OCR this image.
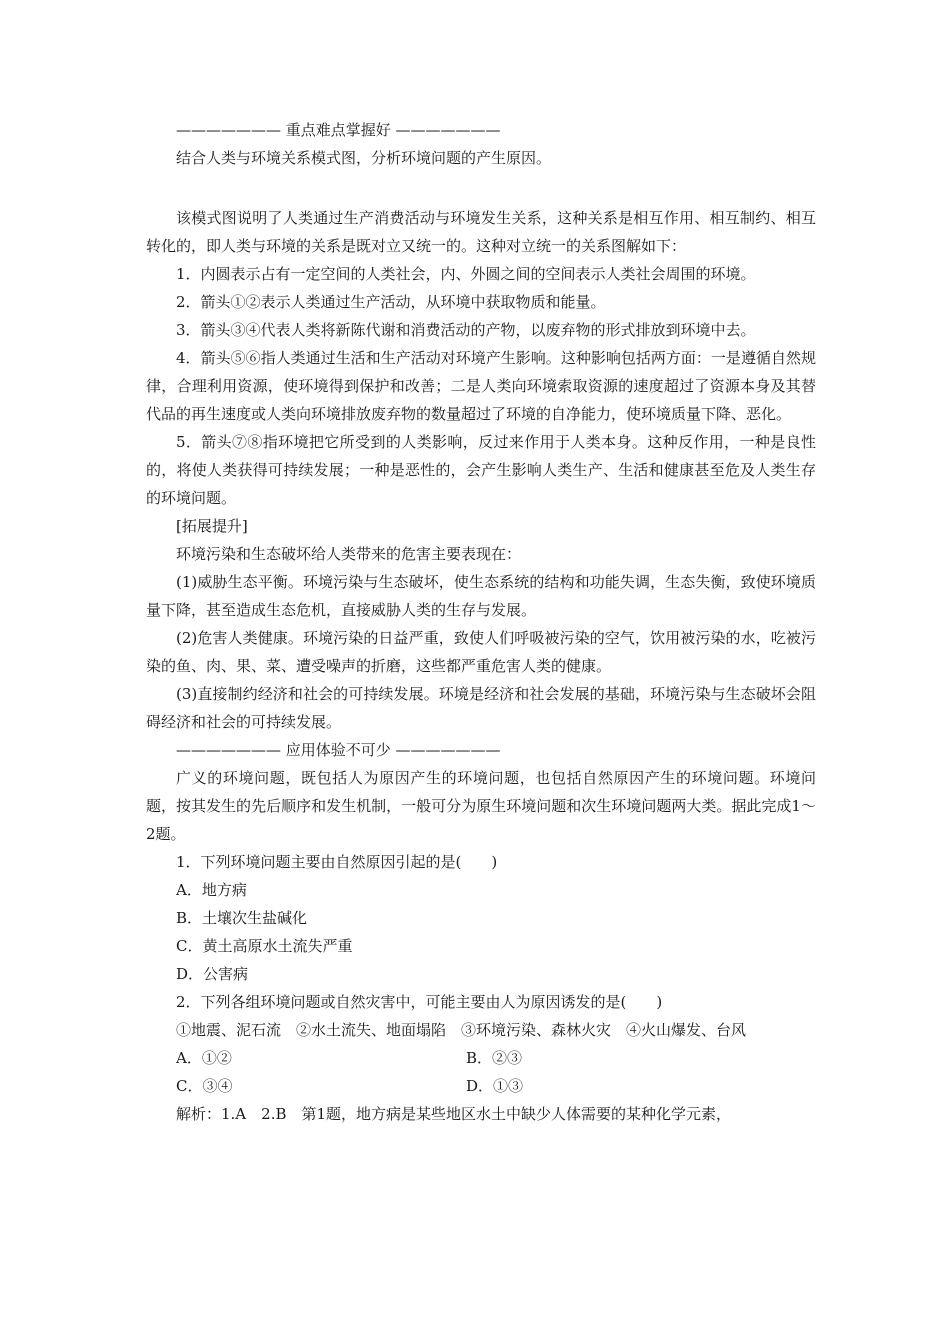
——————— 重点难点掌握好 ———————

结合人类与环境关系模式图，分析环境问题的产生原因。

该模式图说明了人类通过生产消费活动与环境发生关系，这种关系是相互作用、相互制约、相互转化的，即人类与环境的关系是既对立又统一的。这种对立统一的关系图解如下：

1．内圆表示占有一定空间的人类社会，内、外圆之间的空间表示人类社会周围的环境。

2．箭头①②表示人类通过生产活动，从环境中获取物质和能量。

3．箭头③④代表人类将新陈代谢和消费活动的产物，以废弃物的形式排放到环境中去。

4．箭头⑤⑥指人类通过生活和生产活动对环境产生影响。这种影响包括两方面：一是遵循自然规律，合理利用资源，使环境得到保护和改善；二是人类向环境索取资源的速度超过了资源本身及其替代品的再生速度或人类向环境排放废弃物的数量超过了环境的自净能力，使环境质量下降、恶化。

5．箭头⑦⑧指环境把它所受到的人类影响，反过来作用于人类本身。这种反作用，一种是良性的，将使人类获得可持续发展；一种是恶性的，会产生影响人类生产、生活和健康甚至危及人类生存的环境问题。

[拓展提升]

环境污染和生态破坏给人类带来的危害主要表现在：

(1)威胁生态平衡。环境污染与生态破坏，使生态系统的结构和功能失调，生态失衡，致使环境质量下降，甚至造成生态危机，直接威胁人类的生存与发展。

(2)危害人类健康。环境污染的日益严重，致使人们呼吸被污染的空气，饮用被污染的水，吃被污染的鱼、肉、果、菜、遭受噪声的折磨，这些都严重危害人类的健康。

(3)直接制约经济和社会的可持续发展。环境是经济和社会发展的基础，环境污染与生态破坏会阻碍经济和社会的可持续发展。

——————— 应用体验不可少 ———————

广义的环境问题，既包括人为原因产生的环境问题，也包括自然原因产生的环境问题。环境问题，按其发生的先后顺序和发生机制，一般可分为原生环境问题和次生环境问题两大类。据此完成1～2题。

1．下列环境问题主要由自然原因引起的是(　　)

A．地方病

B．土壤次生盐碱化

C．黄土高原水土流失严重

D．公害病

2．下列各组环境问题或自然灾害中，可能主要由人为原因诱发的是(　　)

①地震、泥石流　②水土流失、地面塌陷　③环境污染、森林火灾　④火山爆发、台风

A．①②	B．②③
C．③④	D．①③

解析：1.A　2.B　第1题，地方病是某些地区水土中缺少人体需要的某种化学元素，
